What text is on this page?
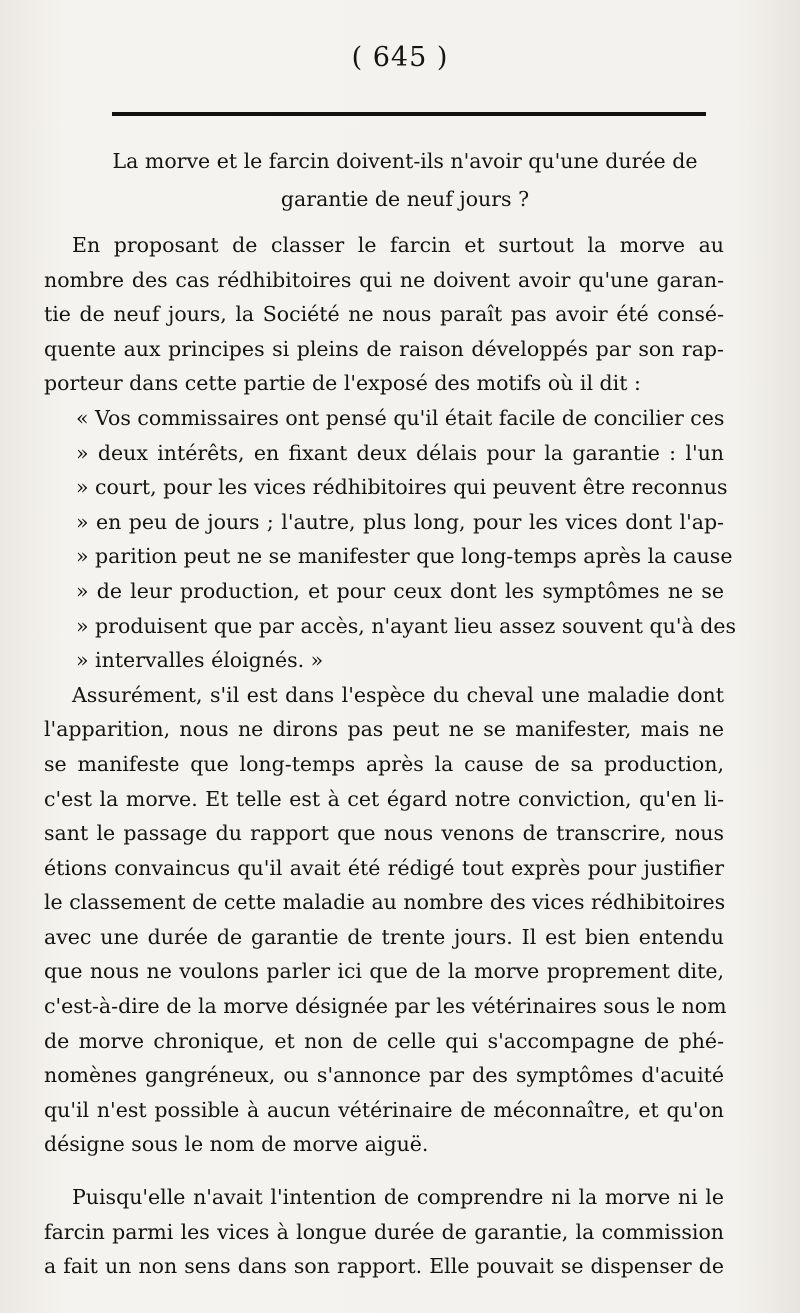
( 645 )

La morve et le farcin doivent-ils n'avoir qu'une durée de

garantie de neuf jours ?

En proposant de classer le farcin et surtout la morve au
nombre des cas rédhibitoires qui ne doivent avoir qu'une garan-
tie de neuf jours, la Société ne nous paraît pas avoir été consé-
quente aux principes si pleins de raison développés par son rap-
porteur dans cette partie de l'exposé des motifs où il dit :
« Vos commissaires ont pensé qu'il était facile de concilier ces
» deux intérêts, en fixant deux délais pour la garantie : l'un
» court, pour les vices rédhibitoires qui peuvent être reconnus
» en peu de jours ; l'autre, plus long, pour les vices dont l'ap-
» parition peut ne se manifester que long-temps après la cause
» de leur production, et pour ceux dont les symptômes ne se
» produisent que par accès, n'ayant lieu assez souvent qu'à des
» intervalles éloignés. »
Assurément, s'il est dans l'espèce du cheval une maladie dont
l'apparition, nous ne dirons pas peut ne se manifester, mais ne
se manifeste que long-temps après la cause de sa production,
c'est la morve. Et telle est à cet égard notre conviction, qu'en li-
sant le passage du rapport que nous venons de transcrire, nous
étions convaincus qu'il avait été rédigé tout exprès pour justifier
le classement de cette maladie au nombre des vices rédhibitoires
avec une durée de garantie de trente jours. Il est bien entendu
que nous ne voulons parler ici que de la morve proprement dite,
c'est-à-dire de la morve désignée par les vétérinaires sous le nom
de morve chronique, et non de celle qui s'accompagne de phé-
nomènes gangréneux, ou s'annonce par des symptômes d'acuité
qu'il n'est possible à aucun vétérinaire de méconnaître, et qu'on
désigne sous le nom de morve aiguë.
Puisqu'elle n'avait l'intention de comprendre ni la morve ni le
farcin parmi les vices à longue durée de garantie, la commission
a fait un non sens dans son rapport. Elle pouvait se dispenser de
